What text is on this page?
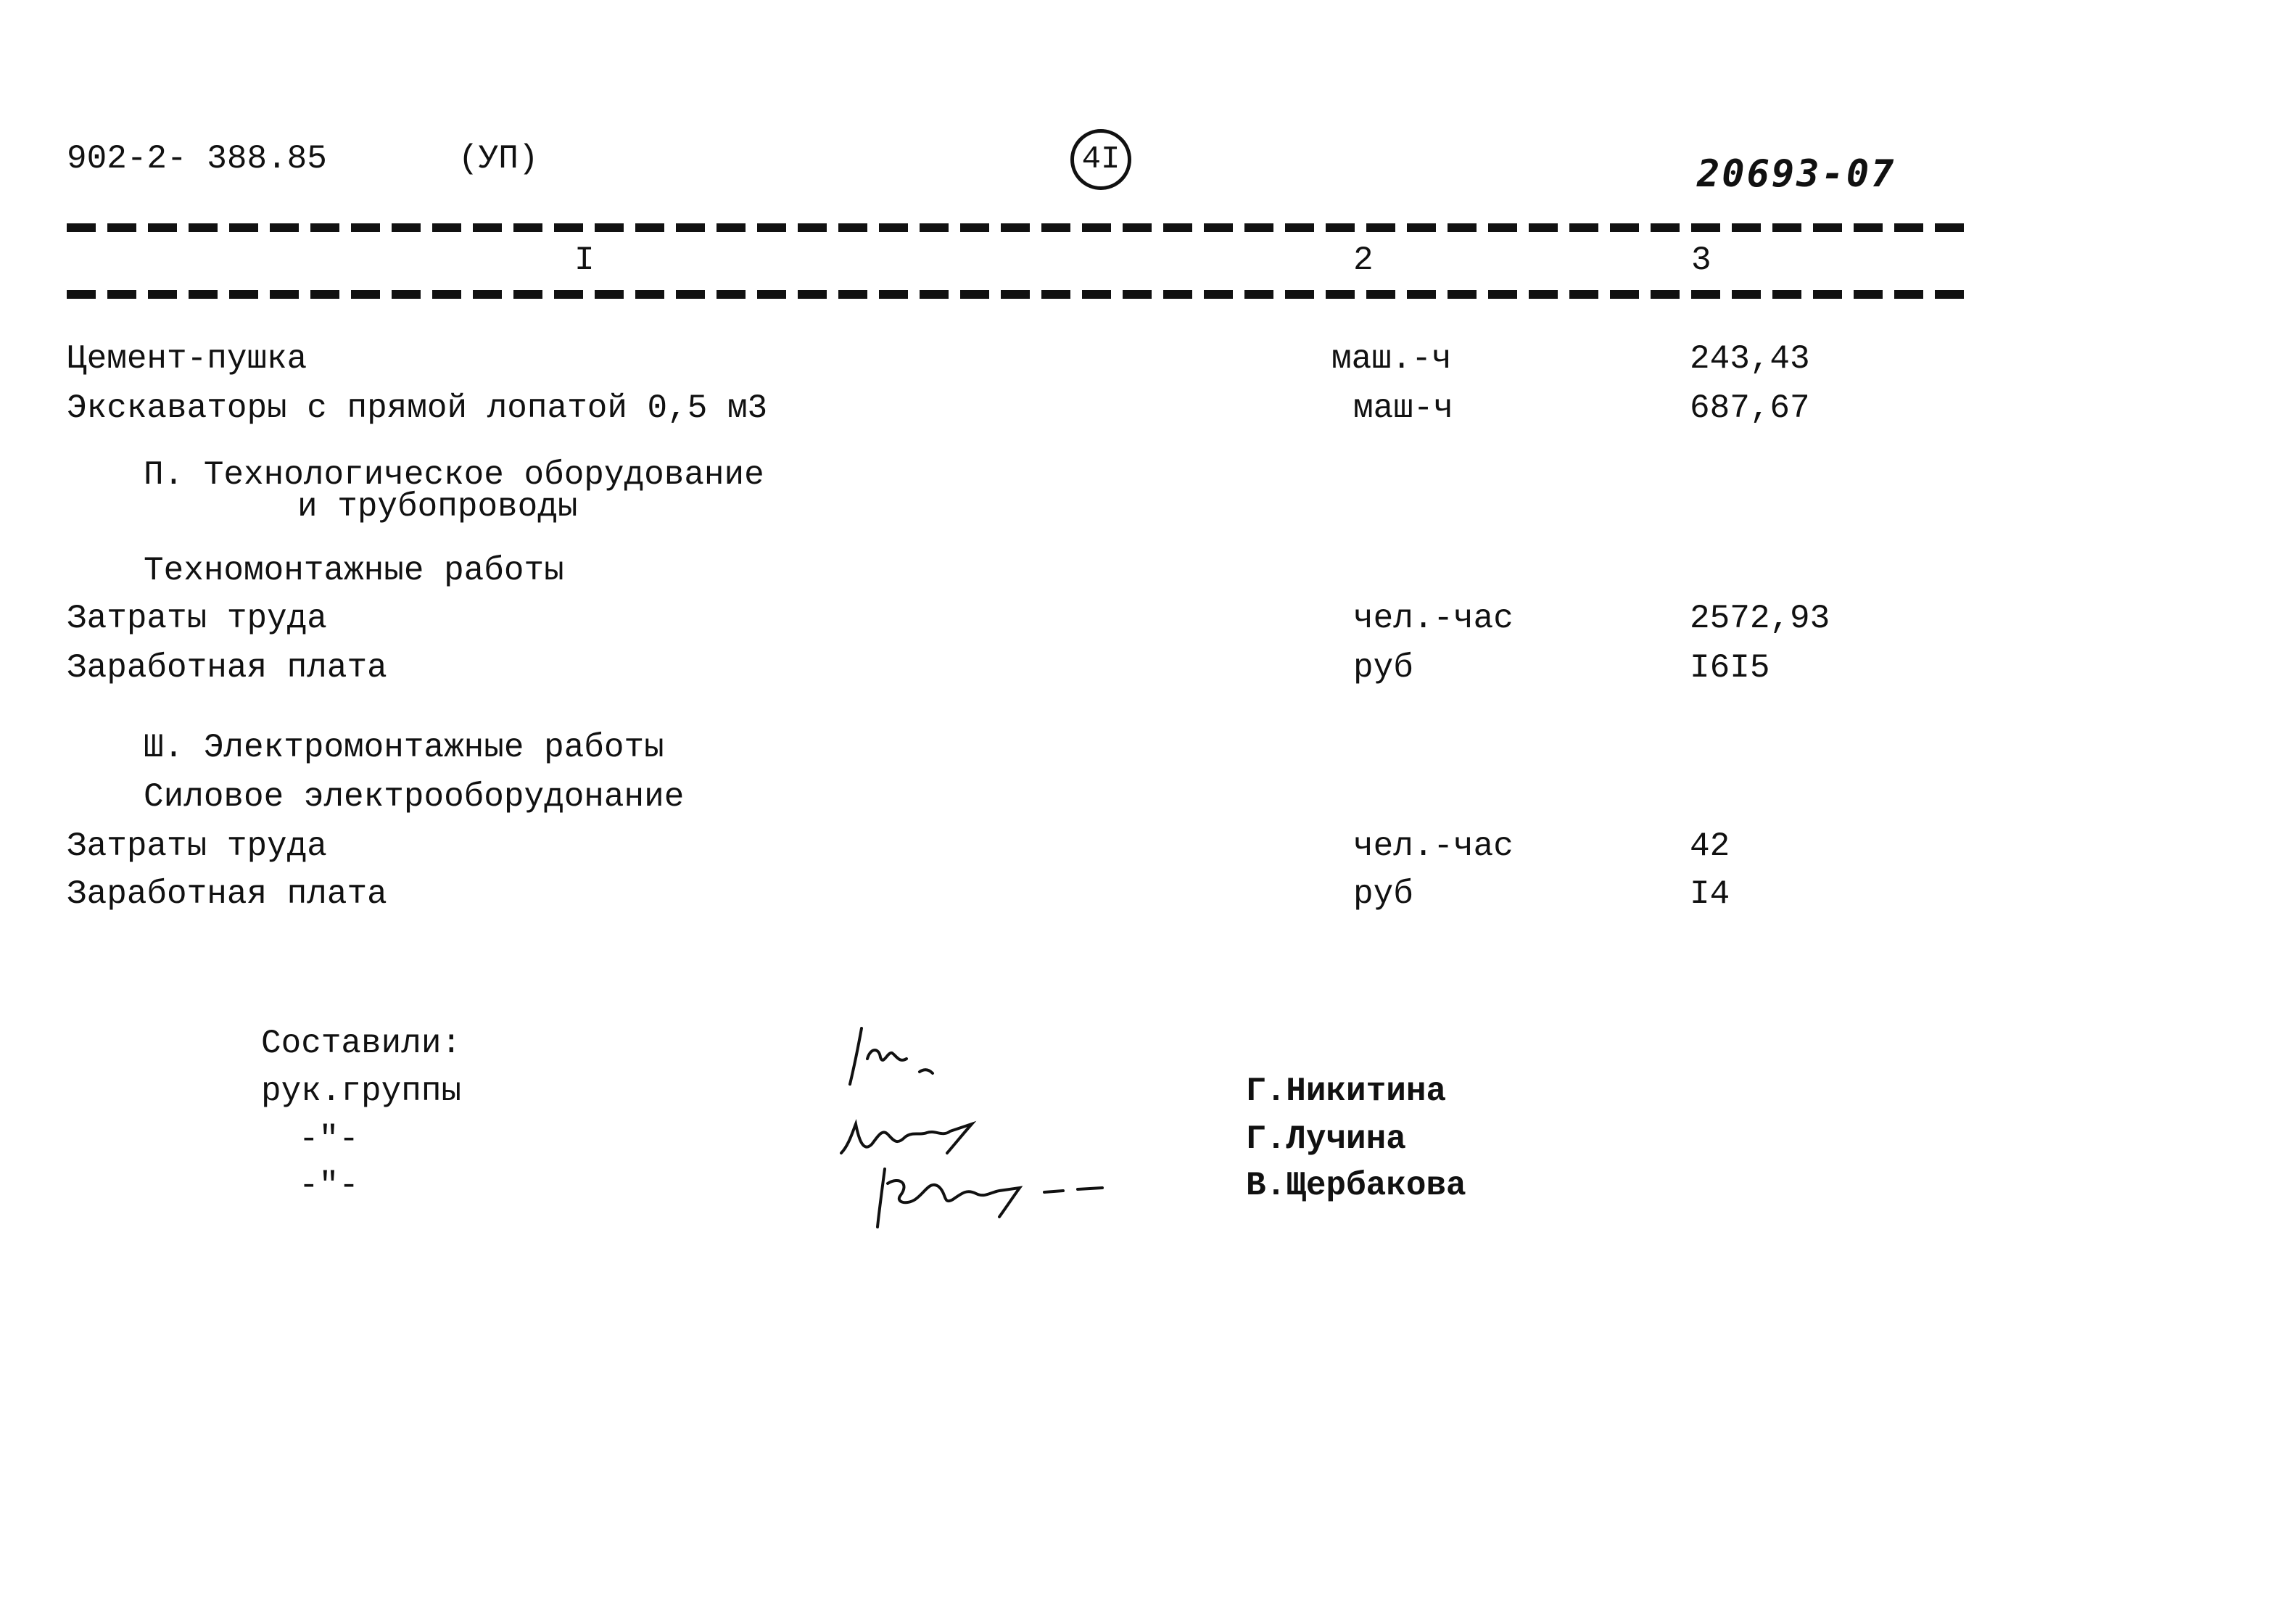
902-2- 388.85	(УП)	4I	20693-07
I	2	3
Цемент-пушка	маш.-ч	243,43
Экскаваторы с прямой лопатой 0,5 м3	маш-ч	687,67
П. Технологическое оборудование
и трубопроводы
Техномонтажные работы
Затраты труда	чел.-час	2572,93
Заработная плата	руб	I6I5
Ш. Электромонтажные работы
Силовое электрооборудонание
Затраты труда	чел.-час	42
Заработная плата	руб	I4
Составили:
рук.группы
-"-
-"-
Г.Никитина
Г.Лучина
В.Щербакова
